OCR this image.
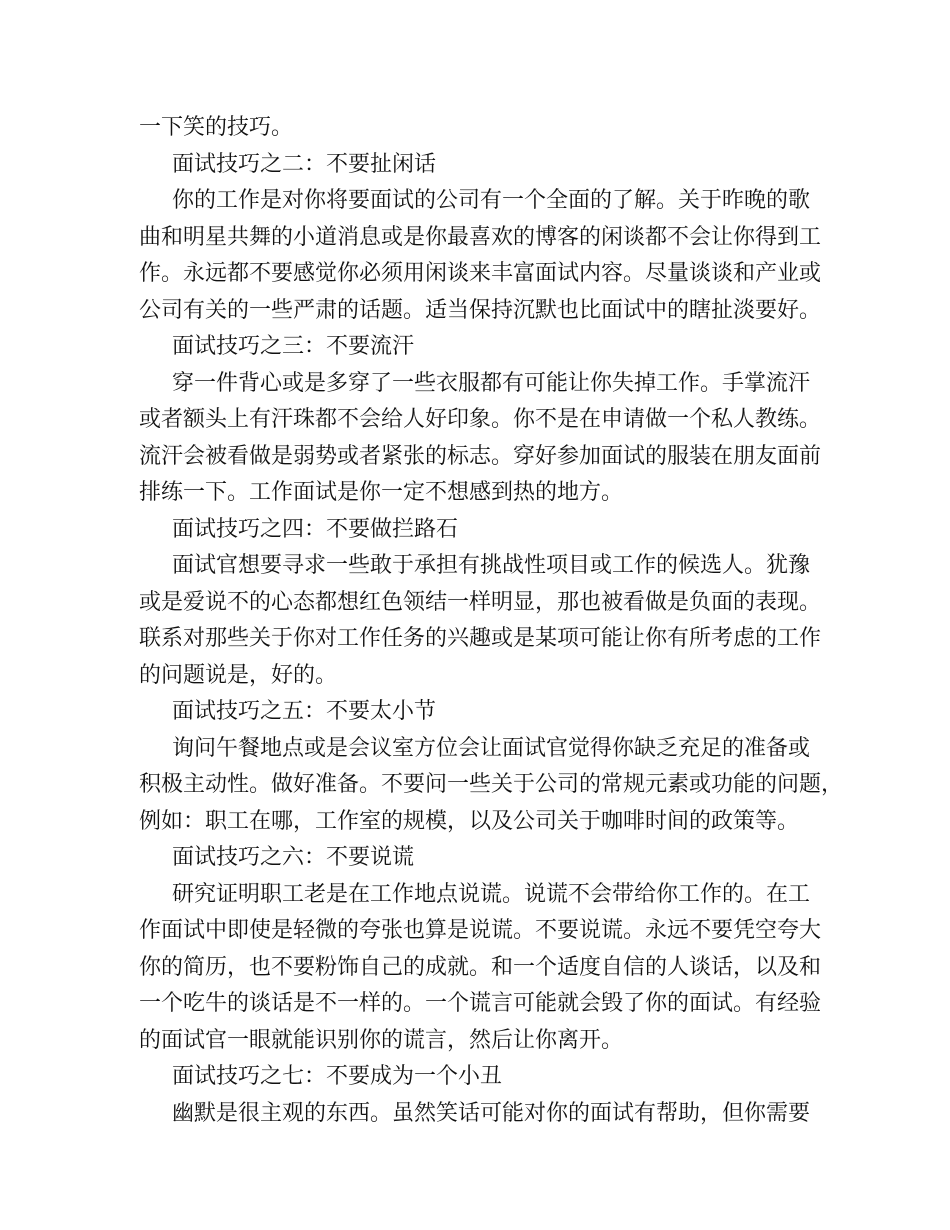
一下笑的技巧。
面试技巧之二：不要扯闲话
你的工作是对你将要面试的公司有一个全面的了解。关于昨晚的歌
曲和明星共舞的小道消息或是你最喜欢的博客的闲谈都不会让你得到工
作。永远都不要感觉你必须用闲谈来丰富面试内容。尽量谈谈和产业或
公司有关的一些严肃的话题。适当保持沉默也比面试中的瞎扯淡要好。
面试技巧之三：不要流汗
穿一件背心或是多穿了一些衣服都有可能让你失掉工作。手掌流汗
或者额头上有汗珠都不会给人好印象。你不是在申请做一个私人教练。
流汗会被看做是弱势或者紧张的标志。穿好参加面试的服装在朋友面前
排练一下。工作面试是你一定不想感到热的地方。
面试技巧之四：不要做拦路石
面试官想要寻求一些敢于承担有挑战性项目或工作的候选人。犹豫
或是爱说不的心态都想红色领结一样明显，那也被看做是负面的表现。
联系对那些关于你对工作任务的兴趣或是某项可能让你有所考虑的工作
的问题说是，好的。
面试技巧之五：不要太小节
询问午餐地点或是会议室方位会让面试官觉得你缺乏充足的准备或
积极主动性。做好准备。不要问一些关于公司的常规元素或功能的问题，
例如：职工在哪，工作室的规模，以及公司关于咖啡时间的政策等。
面试技巧之六：不要说谎
研究证明职工老是在工作地点说谎。说谎不会带给你工作的。在工
作面试中即使是轻微的夸张也算是说谎。不要说谎。永远不要凭空夸大
你的简历，也不要粉饰自己的成就。和一个适度自信的人谈话，以及和
一个吃牛的谈话是不一样的。一个谎言可能就会毁了你的面试。有经验
的面试官一眼就能识别你的谎言，然后让你离开。
面试技巧之七：不要成为一个小丑
幽默是很主观的东西。虽然笑话可能对你的面试有帮助，但你需要
